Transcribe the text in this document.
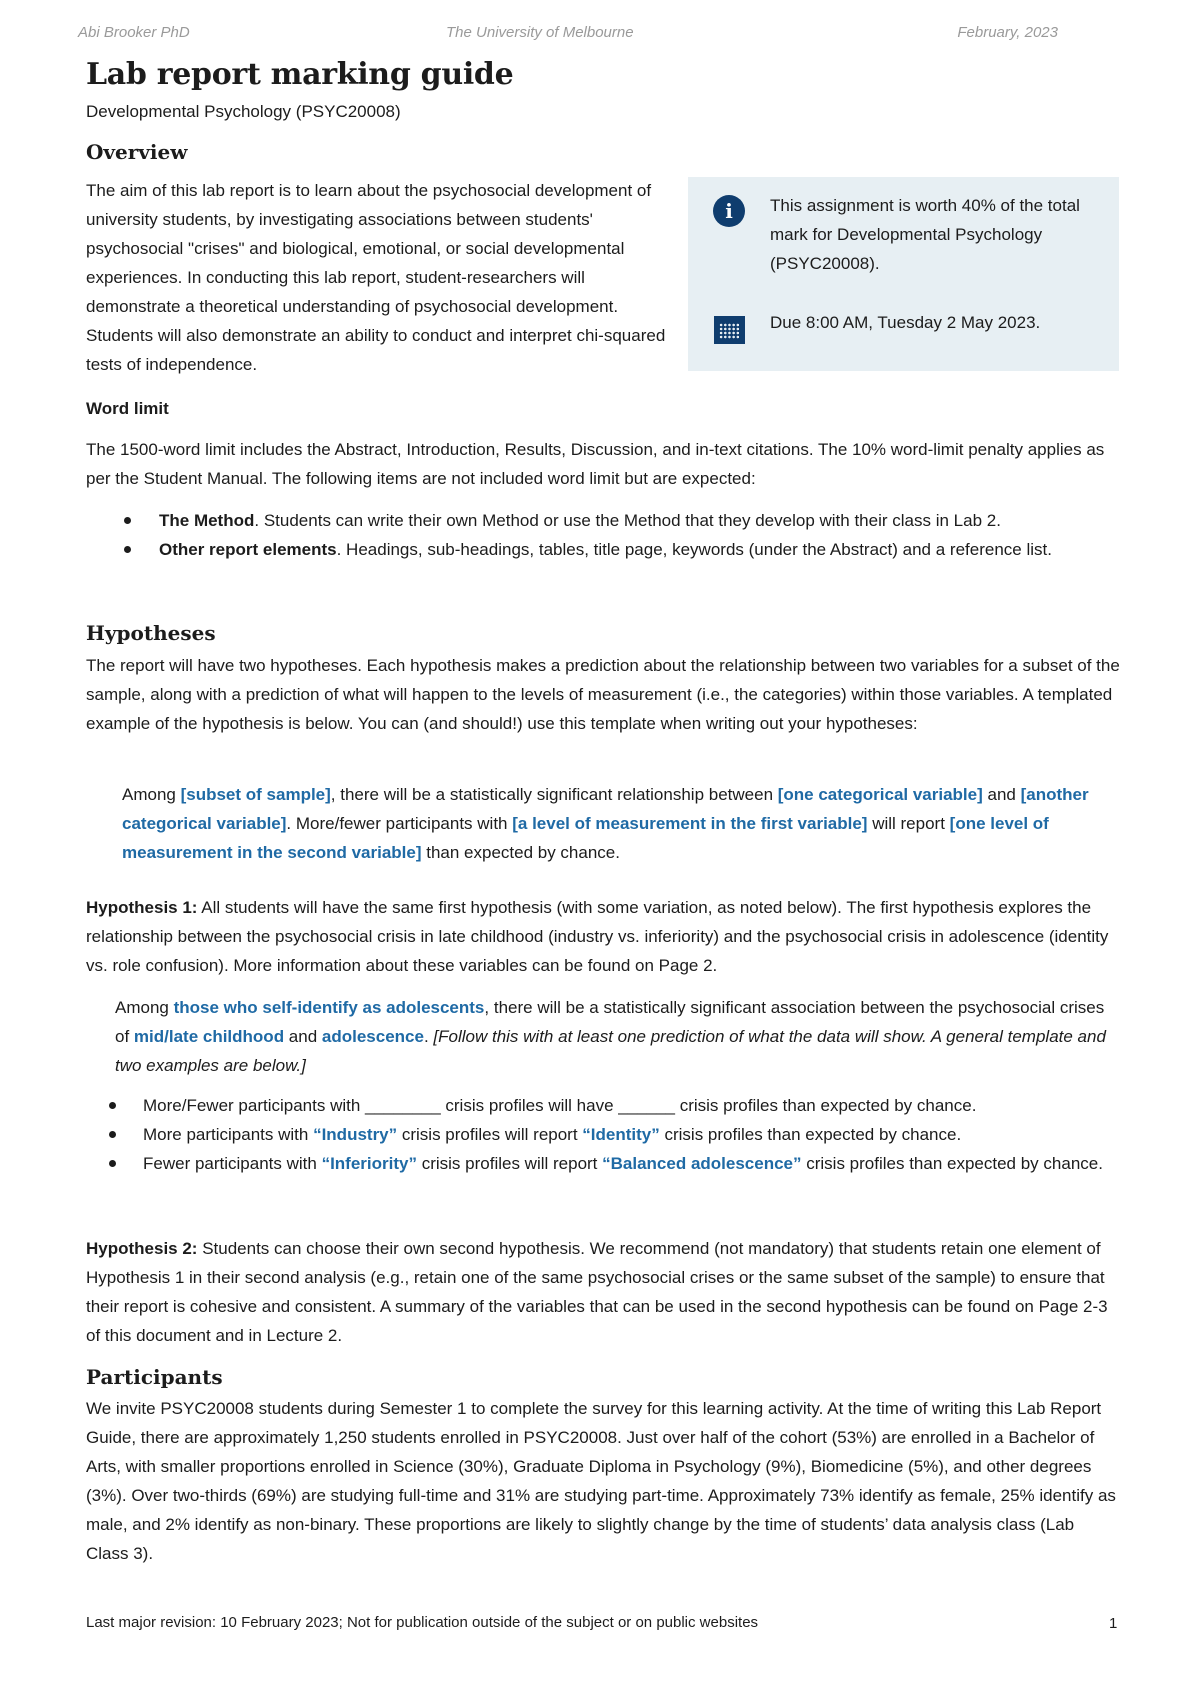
Abi Brooker PhD	The University of Melbourne	February, 2023
Lab report marking guide
Developmental Psychology (PSYC20008)
Overview

The aim of this lab report is to learn about the psychosocial development of university students, by investigating associations between students' psychosocial "crises" and biological, emotional, or social developmental experiences. In conducting this lab report, student-researchers will demonstrate a theoretical understanding of psychosocial development. Students will also demonstrate an ability to conduct and interpret chi-squared tests of independence.

i	This assignment is worth 40% of the total mark for Developmental Psychology (PSYC20008).
Due 8:00 AM, Tuesday 2 May 2023.
Word limit

The 1500-word limit includes the Abstract, Introduction, Results, Discussion, and in-text citations. The 10% word-limit penalty applies as per the Student Manual. The following items are not included word limit but are expected:

The Method. Students can write their own Method or use the Method that they develop with their class in Lab 2.
Other report elements. Headings, sub-headings, tables, title page, keywords (under the Abstract) and a reference list.
Hypotheses

The report will have two hypotheses. Each hypothesis makes a prediction about the relationship between two variables for a subset of the sample, along with a prediction of what will happen to the levels of measurement (i.e., the categories) within those variables. A templated example of the hypothesis is below. You can (and should!) use this template when writing out your hypotheses:

Among [subset of sample], there will be a statistically significant relationship between [one categorical variable] and [another categorical variable]. More/fewer participants with [a level of measurement in the first variable] will report [one level of measurement in the second variable] than expected by chance.

Hypothesis 1: All students will have the same first hypothesis (with some variation, as noted below). The first hypothesis explores the relationship between the psychosocial crisis in late childhood (industry vs. inferiority) and the psychosocial crisis in adolescence (identity vs. role confusion). More information about these variables can be found on Page 2.

Among those who self-identify as adolescents, there will be a statistically significant association between the psychosocial crises of mid/late childhood and adolescence. [Follow this with at least one prediction of what the data will show. A general template and two examples are below.]

More/Fewer participants with ________ crisis profiles will have ______ crisis profiles than expected by chance.
More participants with “Industry” crisis profiles will report “Identity” crisis profiles than expected by chance.
Fewer participants with “Inferiority” crisis profiles will report “Balanced adolescence” crisis profiles than expected by chance.

Hypothesis 2: Students can choose their own second hypothesis. We recommend (not mandatory) that students retain one element of Hypothesis 1 in their second analysis (e.g., retain one of the same psychosocial crises or the same subset of the sample) to ensure that their report is cohesive and consistent. A summary of the variables that can be used in the second hypothesis can be found on Page 2-3 of this document and in Lecture 2.

Participants

We invite PSYC20008 students during Semester 1 to complete the survey for this learning activity. At the time of writing this Lab Report Guide, there are approximately 1,250 students enrolled in PSYC20008. Just over half of the cohort (53%) are enrolled in a Bachelor of Arts, with smaller proportions enrolled in Science (30%), Graduate Diploma in Psychology (9%), Biomedicine (5%), and other degrees (3%). Over two-thirds (69%) are studying full-time and 31% are studying part-time. Approximately 73% identify as female, 25% identify as male, and 2% identify as non-binary. These proportions are likely to slightly change by the time of students’ data analysis class (Lab Class 3).

Last major revision: 10 February 2023; Not for publication outside of the subject or on public websites	1
